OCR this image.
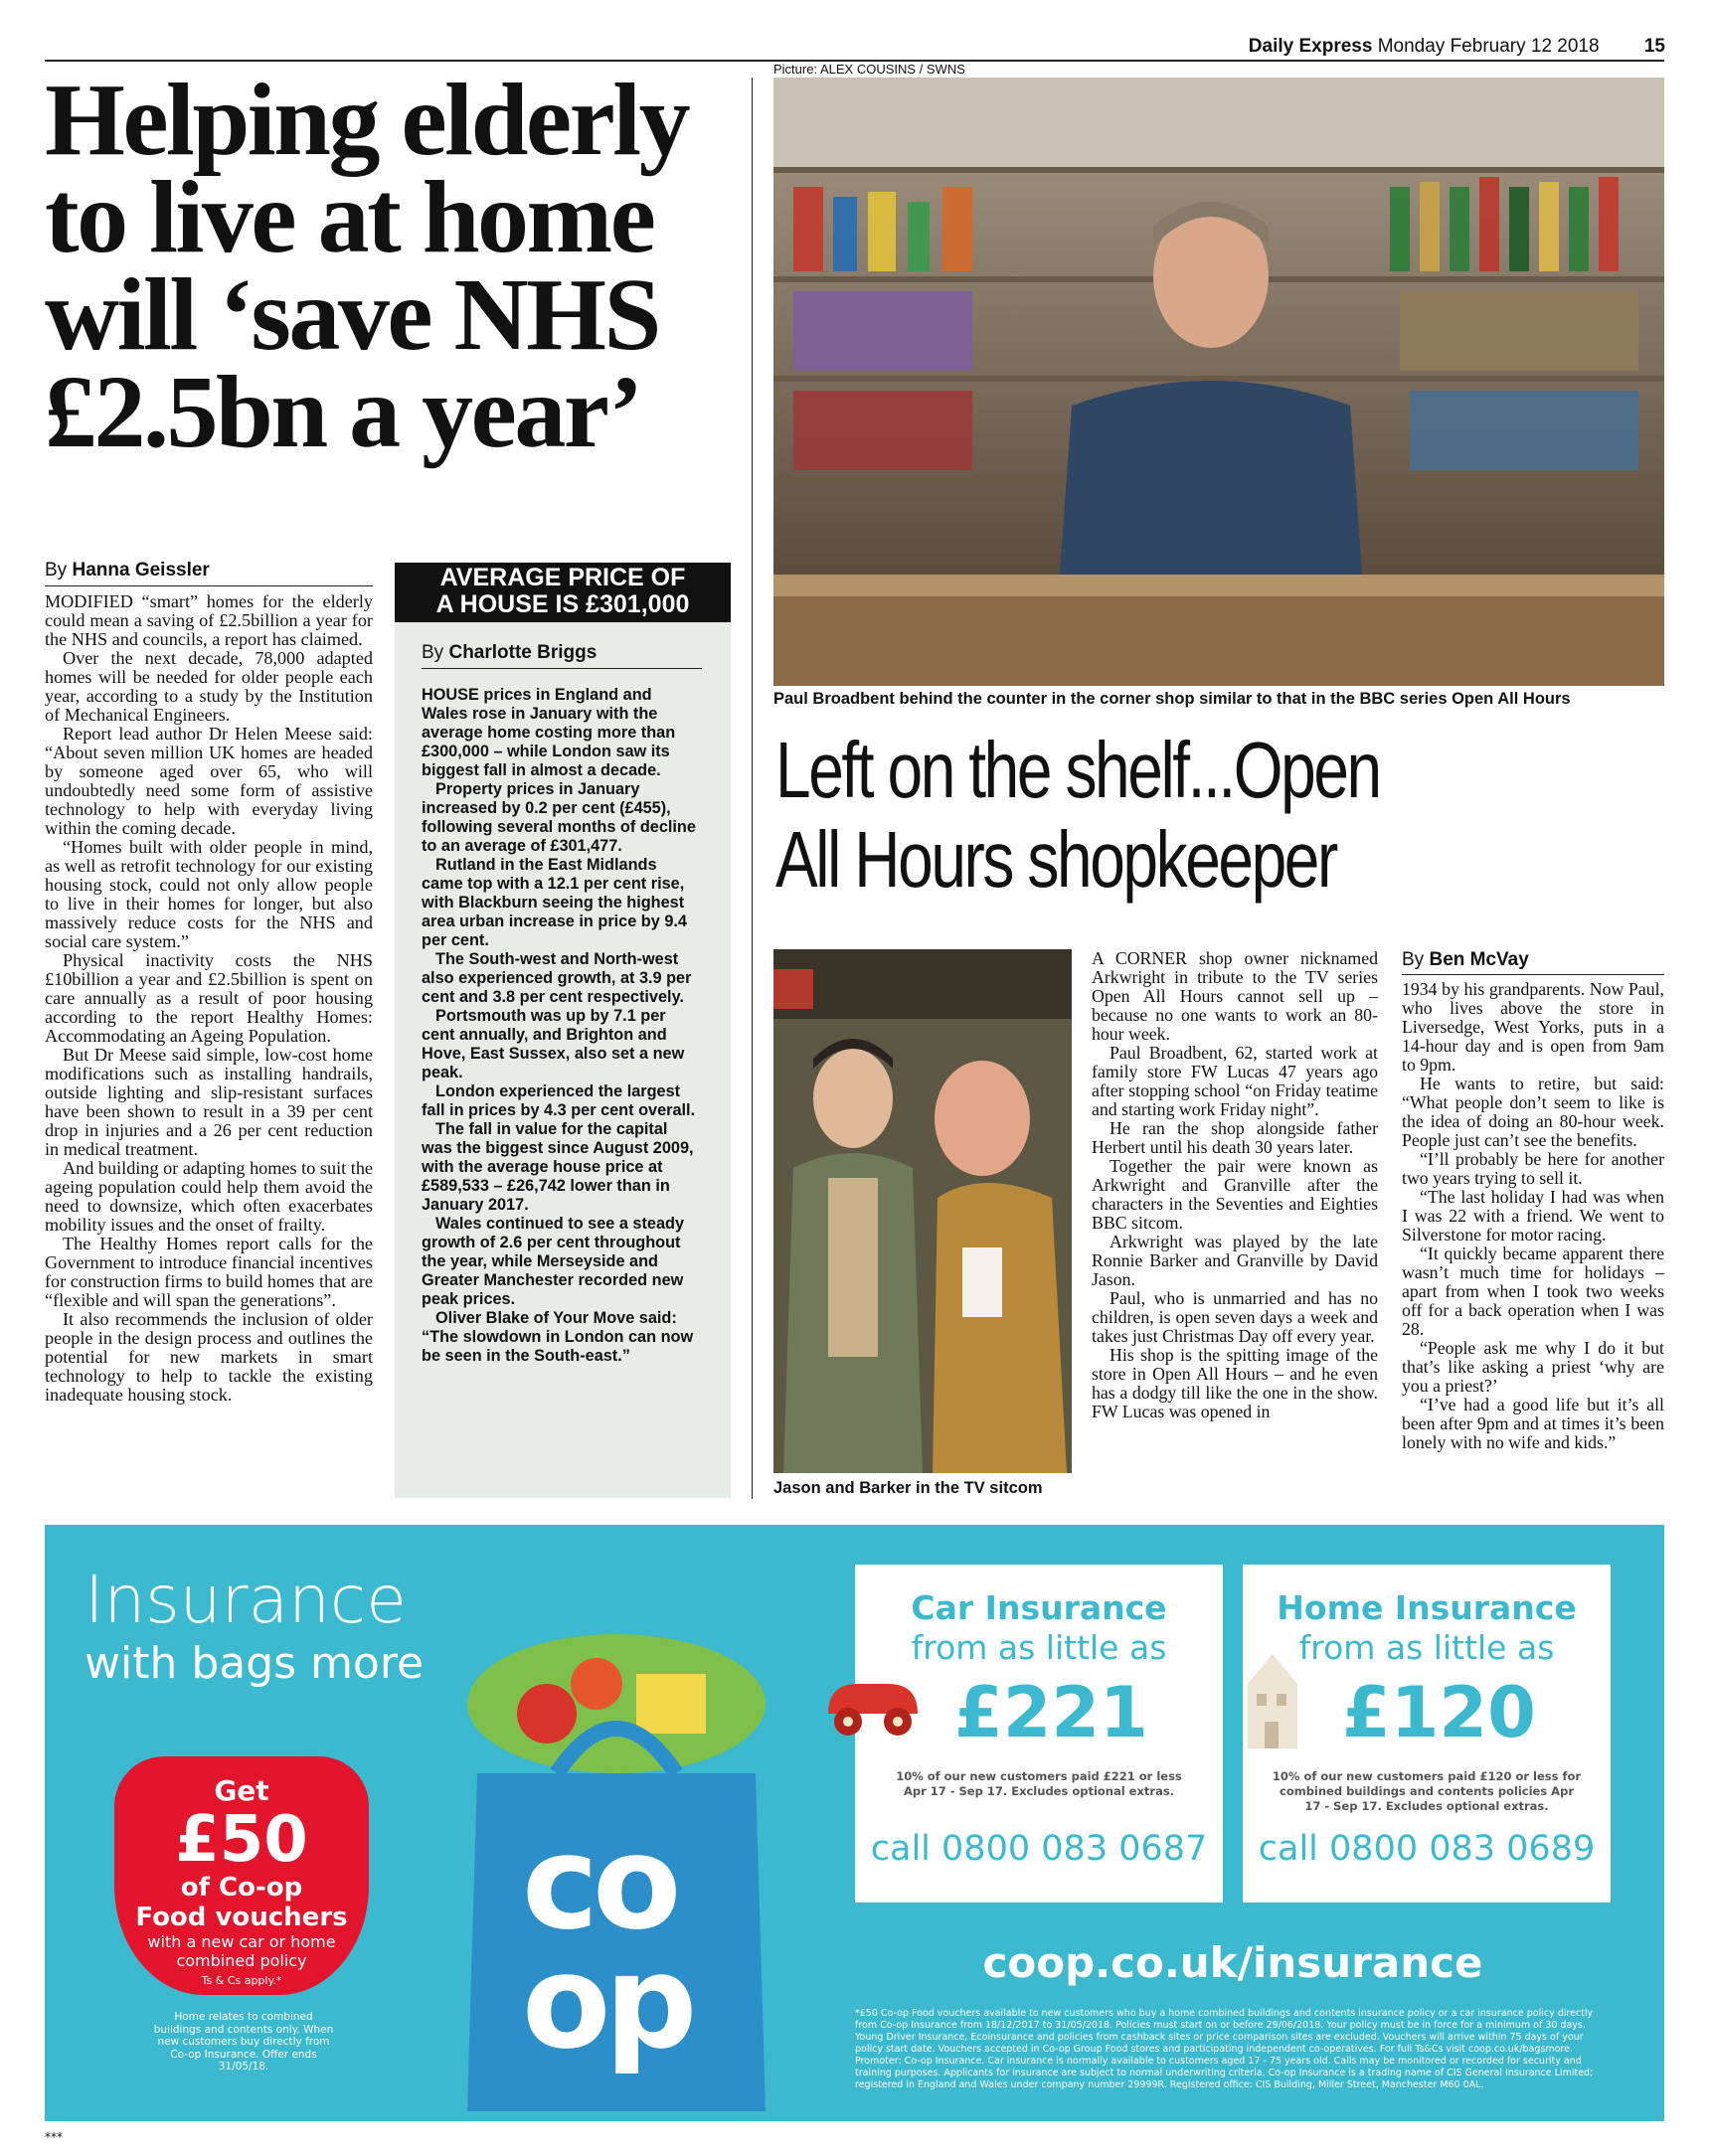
Daily Express Monday February 12 2018 15
Helping elderly to live at home will ‘save NHS £2.5bn a year’
By Hanna Geissler

MODIFIED “smart” homes for the elderly could mean a saving of £2.5billion a year for the NHS and councils, a report has claimed.

Over the next decade, 78,000 adapted homes will be needed for older people each year, according to a study by the Institution of Mechanical Engineers.

Report lead author Dr Helen Meese said: “About seven million UK homes are headed by someone aged over 65, who will undoubtedly need some form of assistive technology to help with everyday living within the coming decade.

“Homes built with older people in mind, as well as retrofit technology for our existing housing stock, could not only allow people to live in their homes for longer, but also massively reduce costs for the NHS and social care system.”

Physical inactivity costs the NHS £10billion a year and £2.5billion is spent on care annually as a result of poor housing according to the report Healthy Homes: Accommodating an Ageing Population.

But Dr Meese said simple, low-cost home modifications such as installing handrails, outside lighting and slip-resistant surfaces have been shown to result in a 39 per cent drop in injuries and a 26 per cent reduction in medical treatment.

And building or adapting homes to suit the ageing population could help them avoid the need to downsize, which often exacerbates mobility issues and the onset of frailty.

The Healthy Homes report calls for the Government to introduce financial incentives for construction firms to build homes that are “flexible and will span the generations”.

It also recommends the inclusion of older people in the design process and outlines the potential for new markets in smart technology to help to tackle the existing inadequate housing stock.

AVERAGE PRICE OF
A HOUSE IS £301,000
By Charlotte Briggs

HOUSE prices in England and Wales rose in January with the average home costing more than £300,000 – while London saw its biggest fall in almost a decade.

Property prices in January increased by 0.2 per cent (£455), following several months of decline to an average of £301,477.

Rutland in the East Midlands came top with a 12.1 per cent rise, with Blackburn seeing the highest area urban increase in price by 9.4 per cent.

The South-west and North-west also experienced growth, at 3.9 per cent and 3.8 per cent respectively.

Portsmouth was up by 7.1 per cent annually, and Brighton and Hove, East Sussex, also set a new peak.

London experienced the largest fall in prices by 4.3 per cent overall.

The fall in value for the capital was the biggest since August 2009, with the average house price at £589,533 – £26,742 lower than in January 2017.

Wales continued to see a steady growth of 2.6 per cent throughout the year, while Merseyside and Greater Manchester recorded new peak prices.

Oliver Blake of Your Move said: “The slowdown in London can now be seen in the South-east.”

Picture: ALEX COUSINS / SWNS
Paul Broadbent behind the counter in the corner shop similar to that in the BBC series Open All Hours
Left on the shelf...Open
All Hours shopkeeper
Jason and Barker in the TV sitcom

A CORNER shop owner nicknamed Arkwright in tribute to the TV series Open All Hours cannot sell up – because no one wants to work an 80-hour week.

Paul Broadbent, 62, started work at family store FW Lucas 47 years ago after stopping school “on Friday teatime and starting work Friday night”.

He ran the shop alongside father Herbert until his death 30 years later.

Together the pair were known as Arkwright and Granville after the characters in the Seventies and Eighties BBC sitcom.

Arkwright was played by the late Ronnie Barker and Granville by David Jason.

Paul, who is unmarried and has no children, is open seven days a week and takes just Christmas Day off every year.

His shop is the spitting image of the store in Open All Hours – and he even has a dodgy till like the one in the show. FW Lucas was opened in

By Ben McVay

1934 by his grandparents. Now Paul, who lives above the store in Liversedge, West Yorks, puts in a 14-hour day and is open from 9am to 9pm.

He wants to retire, but said: “What people don’t seem to like is the idea of doing an 80-hour week. People just can’t see the benefits.

“I’ll probably be here for another two years trying to sell it.

“The last holiday I had was when I was 22 with a friend. We went to Silverstone for motor racing.

“It quickly became apparent there wasn’t much time for holidays – apart from when I took two weeks off for a back operation when I was 28.

“People ask me why I do it but that’s like asking a priest ‘why are you a priest?’

“I’ve had a good life but it’s all been after 9pm and at times it’s been lonely with no wife and kids.”

Insurance
with bags more
co
op
Car Insurance
from as little as
£221
10% of our new customers paid £221 or less Apr 17 - Sep 17. Excludes optional extras.
call 0800 083 0687
Home Insurance
from as little as
£120
10% of our new customers paid £120 or less for combined buildings and contents policies Apr 17 - Sep 17. Excludes optional extras.
call 0800 083 0689
coop.co.uk/insurance
*£50 Co-op Food vouchers available to new customers who buy a home combined buildings and contents insurance policy or a car insurance policy directly from Co-op Insurance from 18/12/2017 to 31/05/2018. Policies must start on or before 29/06/2018. Your policy must be in force for a minimum of 30 days. Young Driver Insurance, Ecoinsurance and policies from cashback sites or price comparison sites are excluded. Vouchers will arrive within 75 days of your policy start date. Vouchers accepted in Co-op Group Food stores and participating independent co-operatives. For full Ts&Cs visit coop.co.uk/bagsmore. Promoter: Co-op Insurance. Car insurance is normally available to customers aged 17 - 75 years old. Calls may be monitored or recorded for security and training purposes. Applicants for insurance are subject to normal underwriting criteria. Co-op Insurance is a trading name of CIS General Insurance Limited; registered in England and Wales under company number 29999R. Registered office: CIS Building, Miller Street, Manchester M60 0AL.
Get
£50
of Co-op
Food vouchers
with a new car or home
combined policy
Ts & Cs apply.*
Home relates to combined buildings and contents only. When new customers buy directly from Co-op Insurance. Offer ends 31/05/18.
***
